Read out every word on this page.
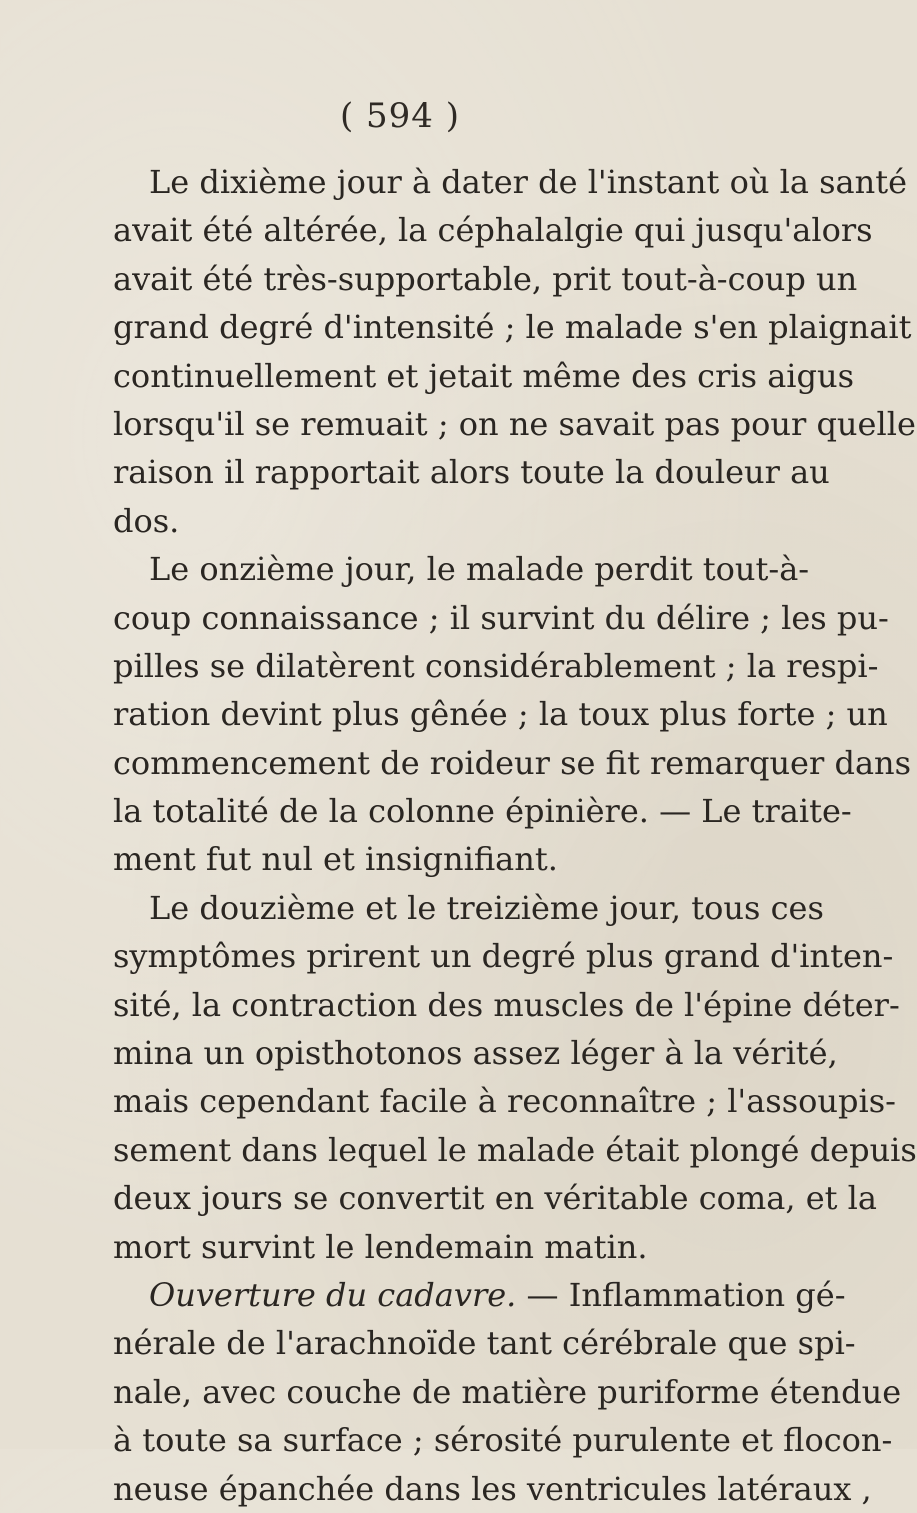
( 594 )
Le dixième jour à dater de l'instant où la santé
avait été altérée, la céphalalgie qui jusqu'alors
avait été très-supportable, prit tout-à-coup un
grand degré d'intensité ; le malade s'en plaignait
continuellement et jetait même des cris aigus
lorsqu'il se remuait ; on ne savait pas pour quelle
raison il rapportait alors toute la douleur au
dos.
Le onzième jour, le malade perdit tout-à-
coup connaissance ; il survint du délire ; les pu-
pilles se dilatèrent considérablement ; la respi-
ration devint plus gênée ; la toux plus forte ; un
commencement de roideur se fit remarquer dans
la totalité de la colonne épinière. — Le traite-
ment fut nul et insignifiant.
Le douzième et le treizième jour, tous ces
symptômes prirent un degré plus grand d'inten-
sité, la contraction des muscles de l'épine déter-
mina un opisthotonos assez léger à la vérité,
mais cependant facile à reconnaître ; l'assoupis-
sement dans lequel le malade était plongé depuis
deux jours se convertit en véritable coma, et la
mort survint le lendemain matin.
Ouverture du cadavre. — Inflammation gé-
nérale de l'arachnoïde tant cérébrale que spi-
nale, avec couche de matière puriforme étendue
à toute sa surface ; sérosité purulente et flocon-
neuse épanchée dans les ventricules latéraux ,
